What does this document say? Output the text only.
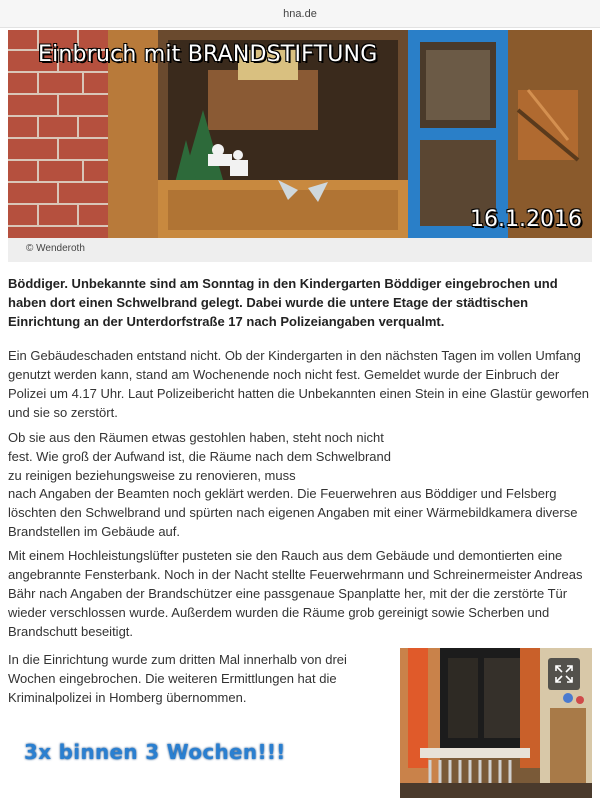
hna.de
Einbruch mit BRANDSTIFTUNG
16.1.2016
© Wenderoth

Böddiger. Unbekannte sind am Sonntag in den Kindergarten Böddiger eingebrochen und haben dort einen Schwelbrand gelegt. Dabei wurde die untere Etage der städtischen Einrichtung an der Unterdorfstraße 17 nach Polizeiangaben verqualmt.

Ein Gebäudeschaden entstand nicht. Ob der Kindergarten in den nächsten Tagen im vollen Umfang genutzt werden kann, stand am Wochenende noch nicht fest. Gemeldet wurde der Einbruch der Polizei um 4.17 Uhr. Laut Polizeibericht hatten die Unbekannten einen Stein in eine Glastür geworfen und sie so zerstört.

Ob sie aus den Räumen etwas gestohlen haben, steht noch nicht fest. Wie groß der Aufwand ist, die Räume nach dem Schwelbrand zu reinigen beziehungsweise zu renovieren, muss

nach Angaben der Beamten noch geklärt werden. Die Feuerwehren aus Böddiger und Felsberg löschten den Schwelbrand und spürten nach eigenen Angaben mit einer Wärmebildkamera diverse Brandstellen im Gebäude auf.

Mit einem Hochleistungslüfter pusteten sie den Rauch aus dem Gebäude und demontierten eine angebrannte Fensterbank. Noch in der Nacht stellte Feuerwehrmann und Schreinermeister Andreas Bähr nach Angaben der Brandschützer eine passgenaue Spanplatte her, mit der die zerstörte Tür wieder verschlossen wurde. Außerdem wurden die Räume grob gereinigt sowie Scherben und Brandschutt beseitigt.

In die Einrichtung wurde zum dritten Mal innerhalb von drei Wochen eingebrochen. Die weiteren Ermittlungen hat die Kriminalpolizei in Homberg übernommen.

3x binnen 3 Wochen!!!
